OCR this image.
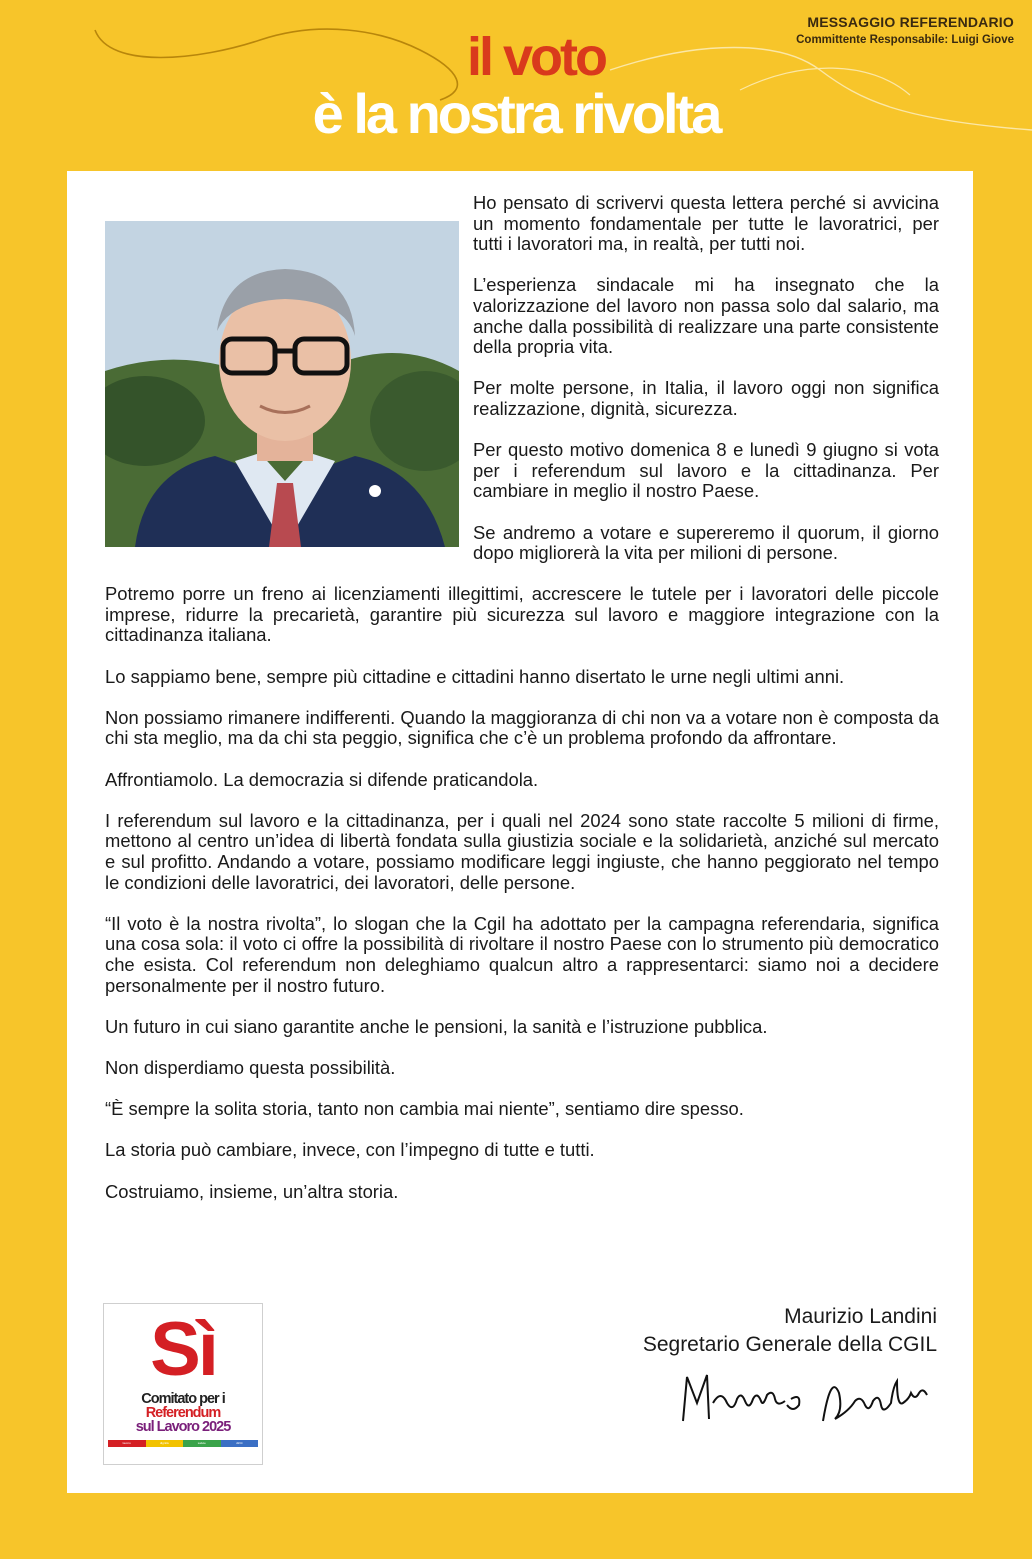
MESSAGGIO REFERENDARIO
Committente Responsabile: Luigi Giove
il voto
è la nostra rivolta

Ho pensato di scrivervi questa lettera perché si avvicina un momento fondamentale per tutte le lavoratrici, per tutti i lavoratori ma, in realtà, per tutti noi.

L’esperienza sindacale mi ha insegnato che la valorizzazione del lavoro non passa solo dal salario, ma anche dalla possibilità di realizzare una parte consistente della propria vita.

Per molte persone, in Italia, il lavoro oggi non significa realizzazione, dignità, sicurezza.

Per questo motivo domenica 8 e lunedì 9 giugno si vota per i referendum sul lavoro e la cittadinanza. Per cambiare in meglio il nostro Paese.

Se andremo a votare e supereremo il quorum, il giorno dopo migliorerà la vita per milioni di persone.

Potremo porre un freno ai licenziamenti illegittimi, accrescere le tutele per i lavoratori delle piccole imprese, ridurre la precarietà, garantire più sicurezza sul lavoro e maggiore integrazione con la cittadinanza italiana.

Lo sappiamo bene, sempre più cittadine e cittadini hanno disertato le urne negli ultimi anni.

Non possiamo rimanere indifferenti. Quando la maggioranza di chi non va a votare non è composta da chi sta meglio, ma da chi sta peggio, significa che c’è un problema profondo da affrontare.

Affrontiamolo. La democrazia si difende praticandola.

I referendum sul lavoro e la cittadinanza, per i quali nel 2024 sono state raccolte 5 milioni di firme, mettono al centro un’idea di libertà fondata sulla giustizia sociale e la solidarietà, anziché sul mercato e sul profitto. Andando a votare, possiamo modificare leggi ingiuste, che hanno peggiorato nel tempo le condizioni delle lavoratrici, dei lavoratori, delle persone.

“Il voto è la nostra rivolta”, lo slogan che la Cgil ha adottato per la campagna referendaria, significa una cosa sola: il voto ci offre la possibilità di rivoltare il nostro Paese con lo strumento più democratico che esista. Col referendum non deleghiamo qualcun altro a rappresentarci: siamo noi a decidere personalmente per il nostro futuro.

Un futuro in cui siano garantite anche le pensioni, la sanità e l’istruzione pubblica.

Non disperdiamo questa possibilità.

“È sempre la solita storia, tanto non cambia mai niente”, sentiamo dire spesso.

La storia può cambiare, invece, con l’impegno di tutte e tutti.

Costruiamo, insieme, un’altra storia.

Sì
Comitato per i
Referendum
sul Lavoro 2025
lavoro	dignità	salute	diritti
Maurizio Landini
Segretario Generale della CGIL
